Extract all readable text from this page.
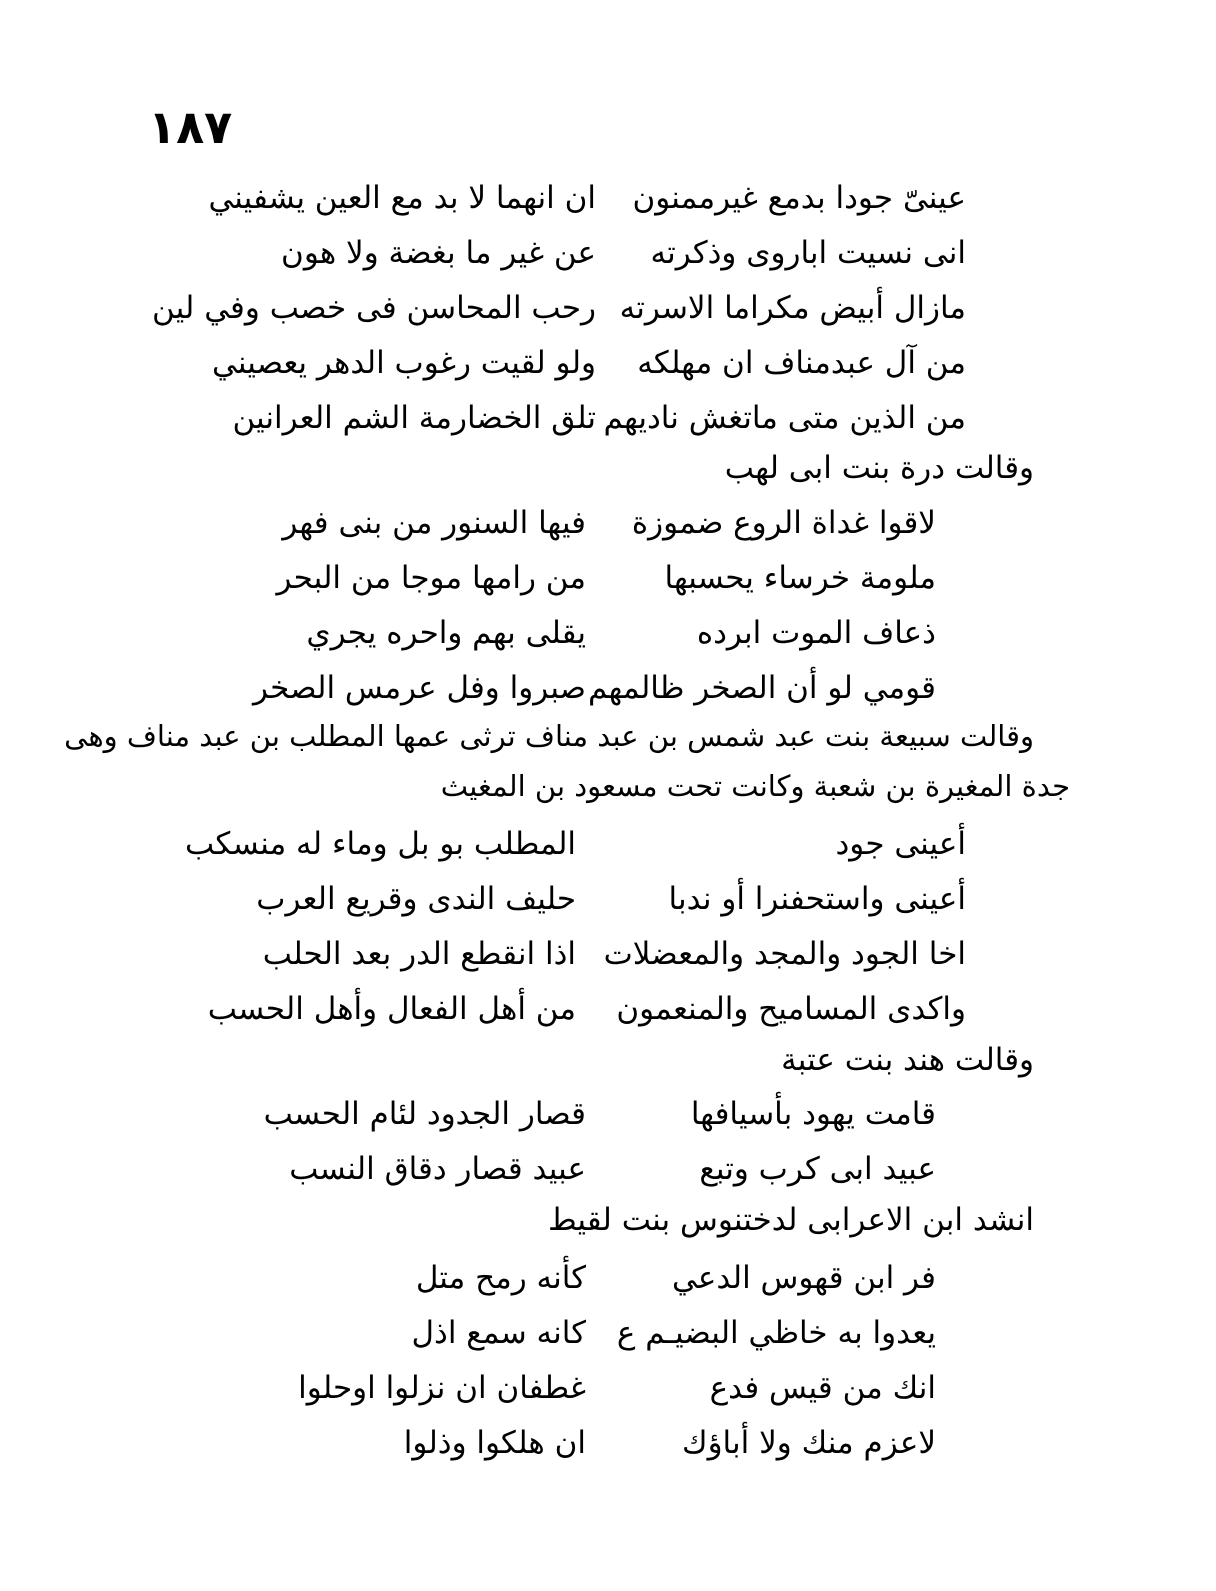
١٨٧
عينىّ جودا بدمع غيرممنون
ان انهما لا بد مع العين يشفيني
انى نسيت اباروى وذكرته
عن غير ما بغضة ولا هون
مازال أبيض مكراما الاسرته
رحب المحاسن فى خصب وفي لين
من آل عبدمناف ان مهلكه
ولو لقيت رغوب الدهر يعصيني
من الذين متى ماتغش ناديهم
تلق الخضارمة الشم العرانين
وقالت درة بنت ابى لهب
لاقوا غداة الروع ضموزة
فيها السنور من بنى فهر
ملومة خرساء يحسبها
من رامها موجا من البحر
ذعاف الموت ابرده
يقلى بهم واحره يجري
قومي لو أن الصخر ظالمهم
صبروا وفل عرمس الصخر
وقالت سبيعة بنت عبد شمس بن عبد مناف ترثى عمها المطلب بن عبد مناف وهى
جدة المغيرة بن شعبة وكانت تحت مسعود بن المغيث
أعينى جود
المطلب بو بل وماء له منسكب
أعينى واستحفنرا أو ندبا
حليف الندى وقريع العرب
اخا الجود والمجد والمعضلات
اذا انقطع الدر بعد الحلب
واكدى المساميح والمنعمون
من أهل الفعال وأهل الحسب
وقالت هند بنت عتبة
قامت يهود بأسيافها
قصار الجدود لئام الحسب
عبيد ابى كرب وتبع
عبيد قصار دقاق النسب
انشد ابن الاعرابى لدختنوس بنت لقيط
فر ابن قهوس الدعي
كأنه رمح متل
يعدوا به خاظي البضيـم ع
كانه سمع اذل
انك من قيس فدع
غطفان ان نزلوا اوحلوا
لاعزم منك ولا أباؤك
ان هلكوا وذلوا
